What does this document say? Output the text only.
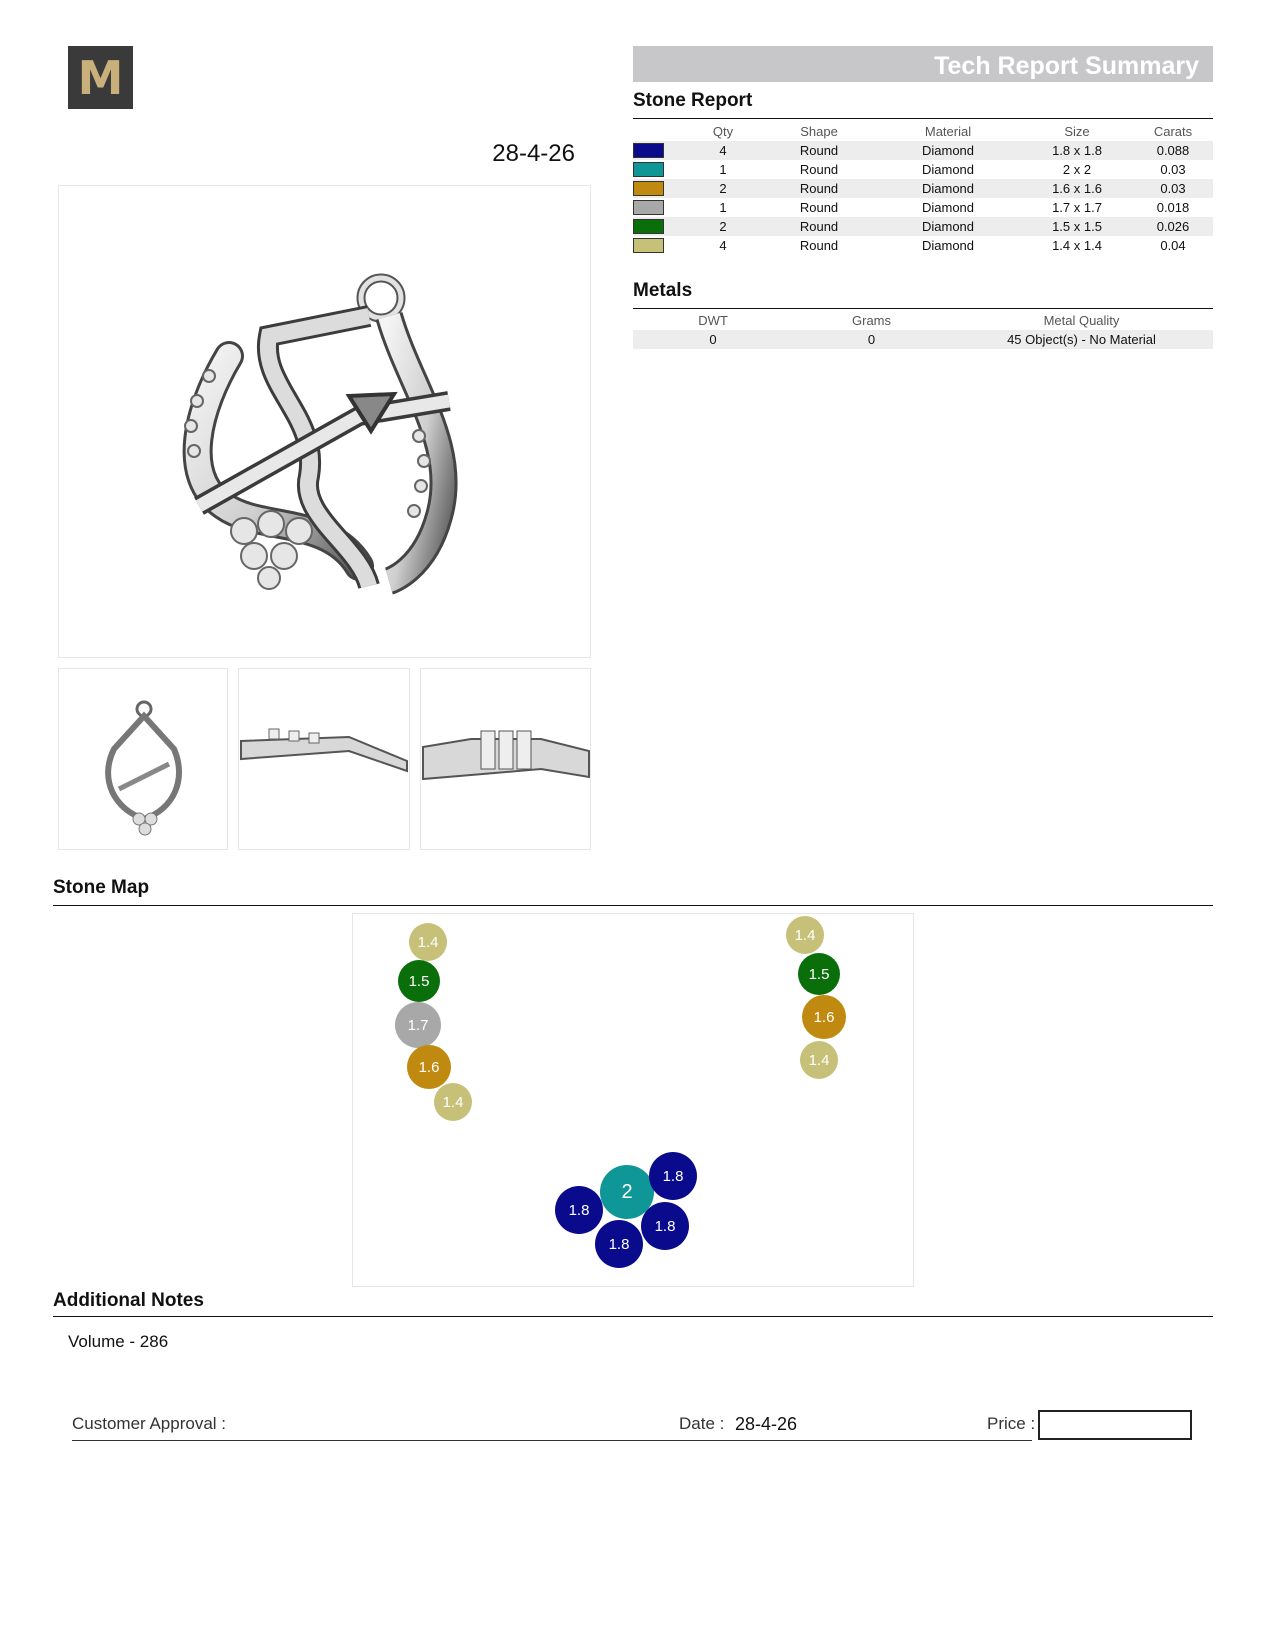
M
28-4-26
Tech Report Summary
Stone Report
	Qty	Shape	Material	Size	Carats

	4	Round	Diamond	1.8 x 1.8	0.088

	1	Round	Diamond	2 x 2	0.03

	2	Round	Diamond	1.6 x 1.6	0.03

	1	Round	Diamond	1.7 x 1.7	0.018

	2	Round	Diamond	1.5 x 1.5	0.026

	4	Round	Diamond	1.4 x 1.4	0.04
Metals
DWT	Grams	Metal Quality
0	0	45 Object(s) - No Material
Stone Map
1.4
1.5
1.7
1.6
1.4
1.4
1.5
1.6
1.4
1.8
2
1.8
1.8
1.8
Additional Notes
Volume - 286
Customer Approval :	Date : 28-4-26	Price :
